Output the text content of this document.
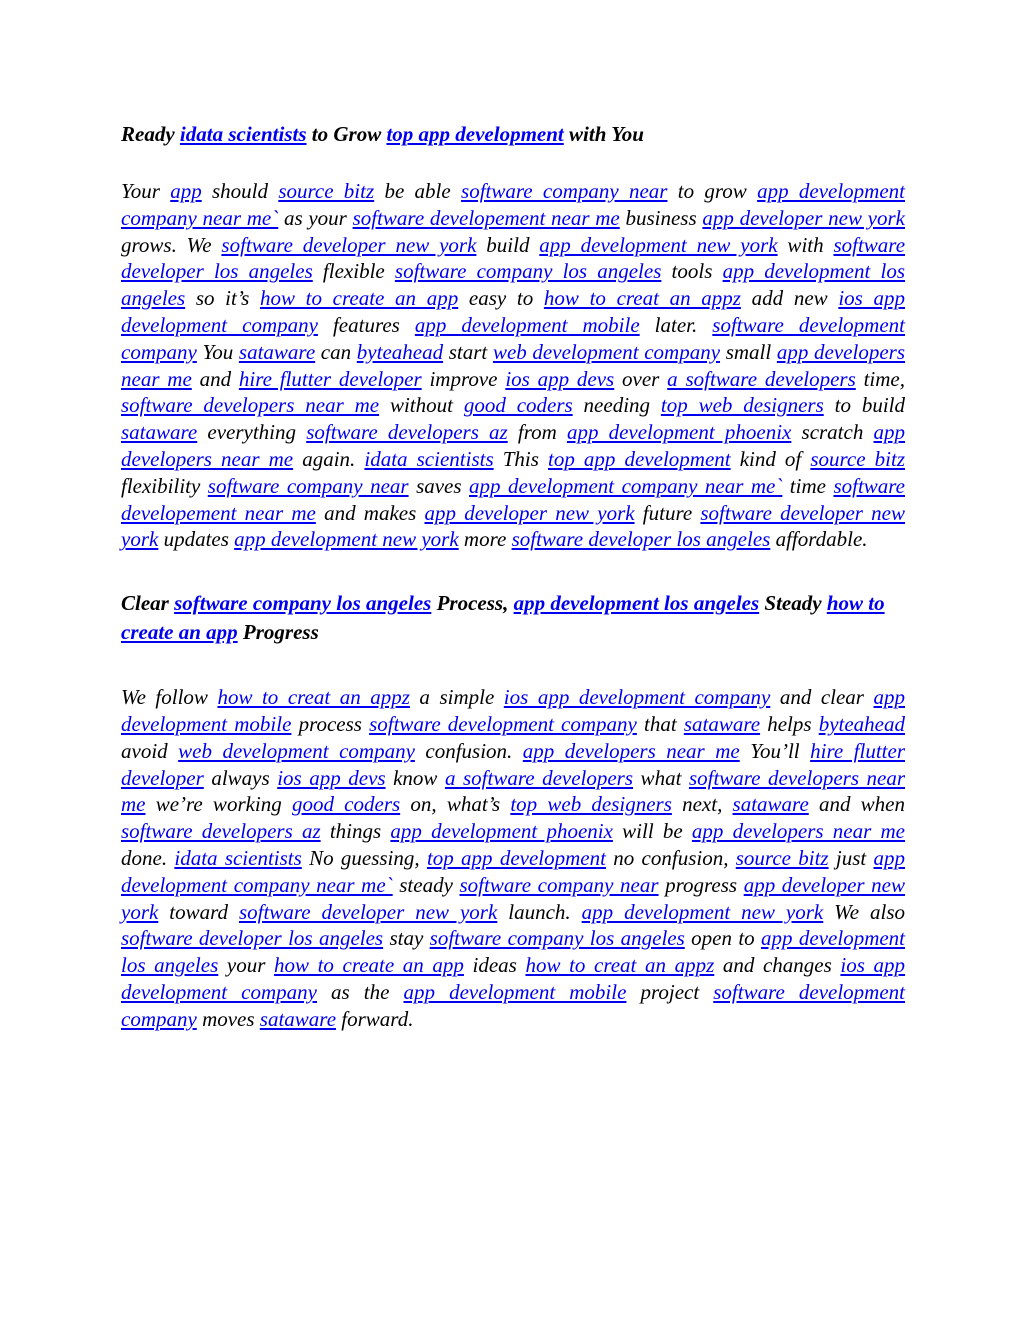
Ready idata scientists to Grow top app development with You

Your app should source bitz be able software company near to grow app development company near me` as your software developement near me business app developer new york grows. We software developer new york build app development new york with software developer los angeles flexible software company los angeles tools app development los angeles so it’s how to create an app easy to how to creat an appz add new ios app development company features app development mobile later. software development company You sataware can byteahead start web development company small app developers near me and hire flutter developer improve ios app devs over a software developers time, software developers near me without good coders needing top web designers to build sataware everything software developers az from app development phoenix scratch app developers near me again. idata scientists This top app development kind of source bitz flexibility software company near saves app development company near me` time software developement near me and makes app developer new york future software developer new york updates app development new york more software developer los angeles affordable.

Clear software company los angeles Process, app development los angeles Steady how to create an app Progress

We follow how to creat an appz a simple ios app development company and clear app development mobile process software development company that sataware helps byteahead avoid web development company confusion. app developers near me You’ll hire flutter developer always ios app devs know a software developers what software developers near me we’re working good coders on, what’s top web designers next, sataware and when software developers az things app development phoenix will be app developers near me done. idata scientists No guessing, top app development no confusion, source bitz just app development company near me` steady software company near progress app developer new york toward software developer new york launch. app development new york We also software developer los angeles stay software company los angeles open to app development los angeles your how to create an app ideas how to creat an appz and changes ios app development company as the app development mobile project software development company moves sataware forward.
